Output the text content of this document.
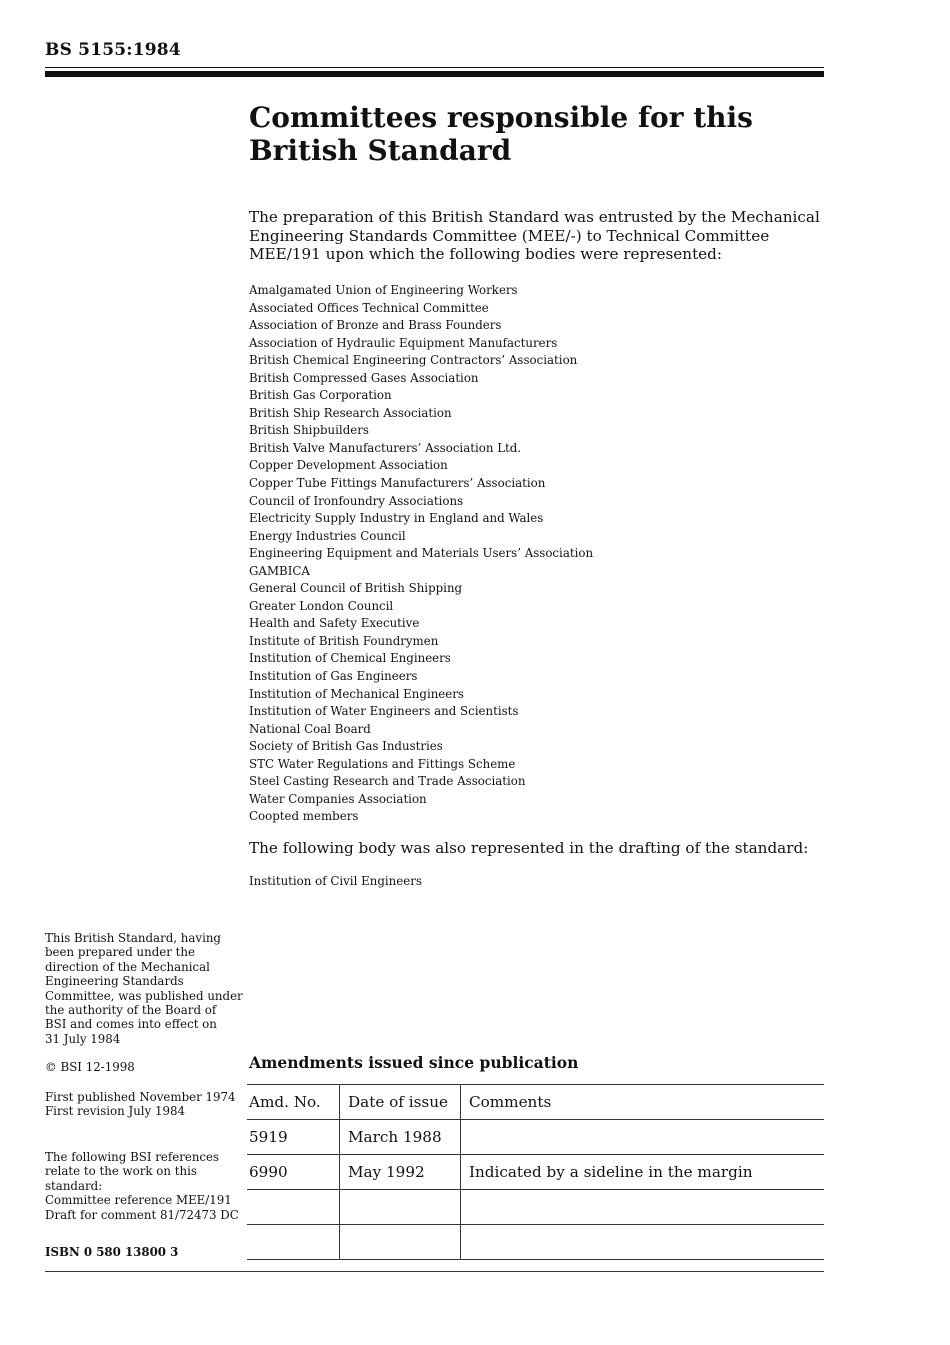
BS 5155:1984
Committees responsible for this
British Standard

The preparation of this British Standard was entrusted by the Mechanical Engineering Standards Committee (MEE/-) to Technical Committee MEE/191 upon which the following bodies were represented:

Amalgamated Union of Engineering Workers
Associated Offices Technical Committee
Association of Bronze and Brass Founders
Association of Hydraulic Equipment Manufacturers
British Chemical Engineering Contractors’ Association
British Compressed Gases Association
British Gas Corporation
British Ship Research Association
British Shipbuilders
British Valve Manufacturers’ Association Ltd.
Copper Development Association
Copper Tube Fittings Manufacturers’ Association
Council of Ironfoundry Associations
Electricity Supply Industry in England and Wales
Energy Industries Council
Engineering Equipment and Materials Users’ Association
GAMBICA
General Council of British Shipping
Greater London Council
Health and Safety Executive
Institute of British Foundrymen
Institution of Chemical Engineers
Institution of Gas Engineers
Institution of Mechanical Engineers
Institution of Water Engineers and Scientists
National Coal Board
Society of British Gas Industries
STC Water Regulations and Fittings Scheme
Steel Casting Research and Trade Association
Water Companies Association
Coopted members

The following body was also represented in the drafting of the standard:

Institution of Civil Engineers

This British Standard, having
been prepared under the
direction of the Mechanical
Engineering Standards
Committee, was published under
the authority of the Board of
BSI and comes into effect on
31 July 1984

© BSI 12-1998

First published November 1974
First revision July 1984

The following BSI references
relate to the work on this
standard:
Committee reference MEE/191
Draft for comment 81/72473 DC

ISBN 0 580 13800 3

Amendments issued since publication
Amd. No.	Date of issue	Comments
5919	March 1988	
6990	May 1992	Indicated by a sideline in the margin
